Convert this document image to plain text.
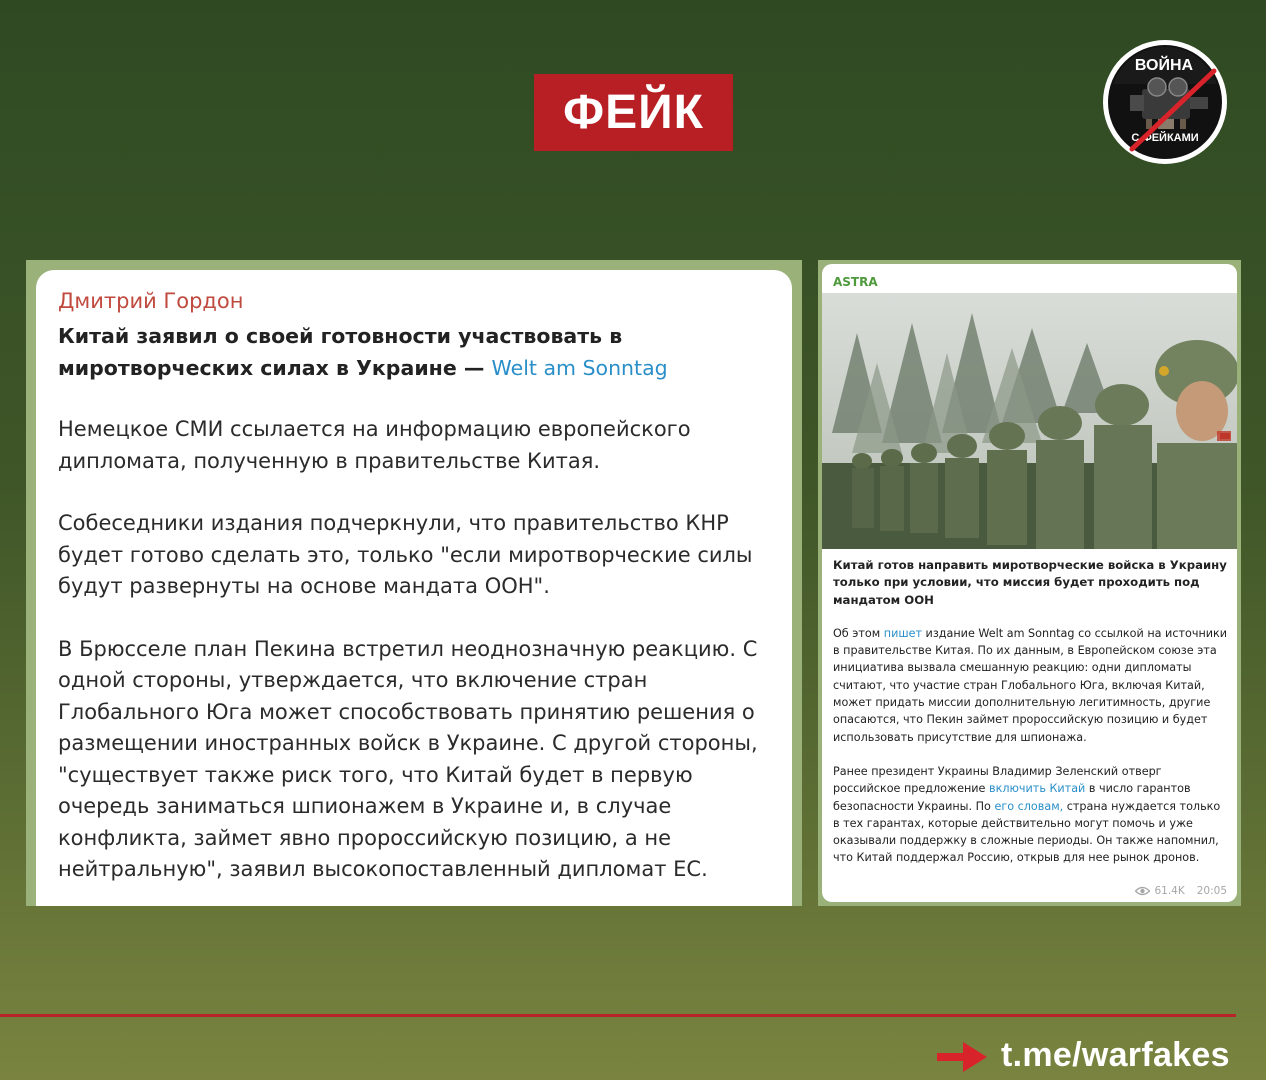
ФЕЙК
ВОЙНА
С ФЕЙКАМИ
Дмитрий Гордон
Китай заявил о своей готовности участвовать в миротворческих силах в Украине — Welt am Sonntag

Немецкое СМИ ссылается на информацию европейского дипломата, полученную в правительстве Китая.

Собеседники издания подчеркнули, что правительство КНР будет готово сделать это, только "если миротворческие силы будут развернуты на основе мандата ООН".

В Брюсселе план Пекина встретил неоднозначную реакцию. С одной стороны, утверждается, что включение стран Глобального Юга может способствовать принятию решения о размещении иностранных войск в Украине. С другой стороны, "существует также риск того, что Китай будет в первую очередь заниматься шпионажем в Украине и, в случае конфликта, займет явно пророссийскую позицию, а не нейтральную", заявил высокопоставленный дипломат ЕС.

ASTRA
Китай готов направить миротворческие войска в Украину только при условии, что миссия будет проходить под мандатом ООН

Об этом пишет издание Welt am Sonntag со ссылкой на источники в правительстве Китая. По их данным, в Европейском союзе эта инициатива вызвала смешанную реакцию: одни дипломаты считают, что участие стран Глобального Юга, включая Китай, может придать миссии дополнительную легитимность, другие опасаются, что Пекин займет пророссийскую позицию и будет использовать присутствие для шпионажа.

Ранее президент Украины Владимир Зеленский отверг российское предложение включить Китай в число гарантов безопасности Украины. По его словам, страна нуждается только в тех гарантах, которые действительно могут помочь и уже оказывали поддержку в сложные периоды. Он также напомнил, что Китай поддержал Россию, открыв для нее рынок дронов.

61.4K 20:05
t.me/warfakes
